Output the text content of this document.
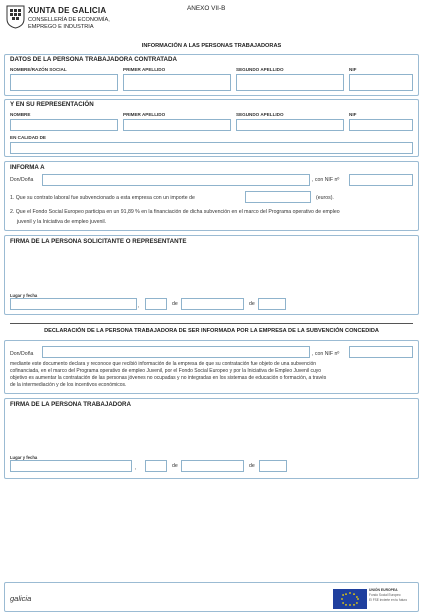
XUNTA DE GALICIA
CONSELLERÍA DE ECONOMÍA,
EMPREGO E INDUSTRIA
ANEXO VII-B
INFORMACIÓN A LAS PERSONAS TRABAJADORAS
DATOS DE LA PERSONA TRABAJADORA CONTRATADA
NOMBRE/RAZÓN SOCIAL	PRIMER APELLIDO	SEGUNDO APELLIDO	NIF
Y EN SU REPRESENTACIÓN
NOMBRE	PRIMER APELLIDO	SEGUNDO APELLIDO	NIF
EN CALIDAD DE
INFORMA A
Don/Doña	, con NIF nº
1. Que su contrato laboral fue subvencionado a esta empresa con un importe de	(euros).
2. Que el Fondo Social Europeo participa en un 91,89 % en la financiación de dicha subvención en el marco del Programa operativo de empleo
juvenil y la Iniciativa de empleo juvenil.
FIRMA DE LA PERSONA SOLICITANTE O REPRESENTANTE
Lugar y fecha
,	de	de
DECLARACIÓN DE LA PERSONA TRABAJADORA DE SER INFORMADA POR LA EMPRESA DE LA SUBVENCIÓN CONCEDIDA
Don/Doña	, con NIF nº
mediante este documento declara y reconoce que recibió información de la empresa de que su contratación fue objeto de una subvención
cofinanciada, en el marco del Programa operativo de empleo Juvenil, por el Fondo Social Europeo y por la Iniciativa de Empleo Juvenil cuyo
objetivo es aumentar la contratación de las personas jóvenes no ocupadas y no integradas en los sistemas de educación o formación, a través
de la intermediación y de los incentivos económicos.
FIRMA DE LA PERSONA TRABAJADORA
Lugar y fecha
,	de	de
galicia
UNIÓN EUROPEA
Fondo Social Europeo
El FSE invierte en tu futuro
